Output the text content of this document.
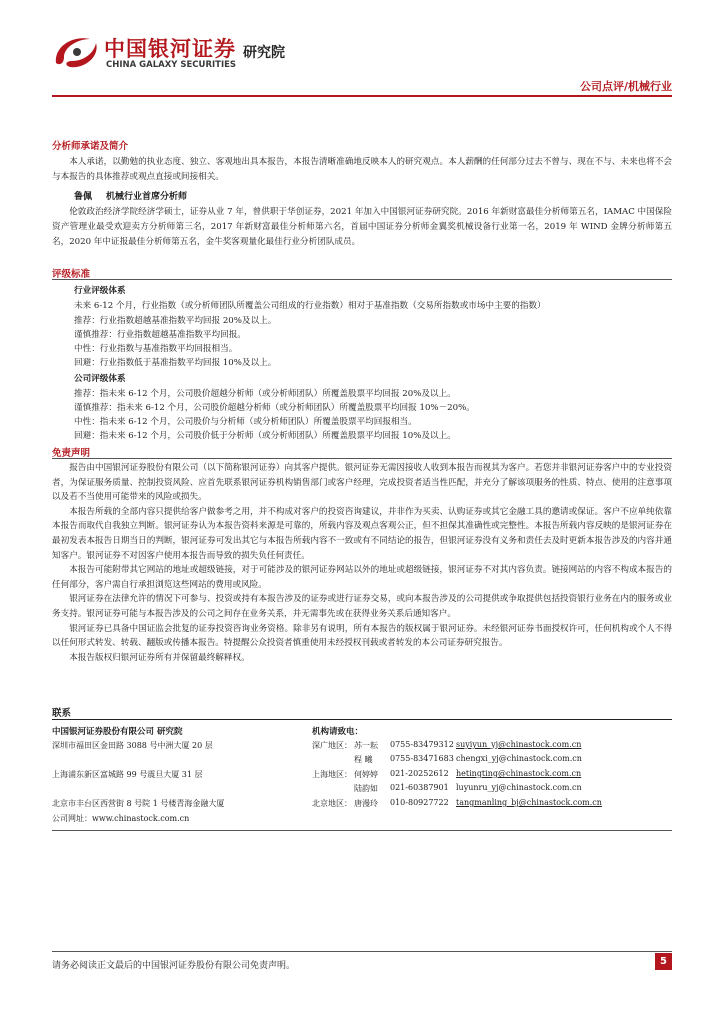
中国银河证券
CHINA GALAXY SECURITIES
研究院
公司点评/机械行业
分析师承诺及简介

本人承诺，以勤勉的执业态度、独立、客观地出具本报告，本报告清晰准确地反映本人的研究观点。本人薪酬的任何部分过去不曾与、现在不与、未来也将不会与本报告的具体推荐或观点直接或间接相关。

鲁佩 机械行业首席分析师

伦敦政治经济学院经济学硕士，证券从业 7 年，曾供职于华创证券，2021 年加入中国银河证券研究院。2016 年新财富最佳分析师第五名，IAMAC 中国保险资产管理业最受欢迎卖方分析师第三名，2017 年新财富最佳分析师第六名，首届中国证券分析师金翼奖机械设备行业第一名，2019 年 WIND 金牌分析师第五名，2020 年中证报最佳分析师第五名，金牛奖客观量化最佳行业分析团队成员。

评级标准
行业评级体系
未来 6-12 个月，行业指数（或分析师团队所覆盖公司组成的行业指数）相对于基准指数（交易所指数或市场中主要的指数）
推荐：行业指数超越基准指数平均回报 20%及以上。
谨慎推荐：行业指数超越基准指数平均回报。
中性：行业指数与基准指数平均回报相当。
回避：行业指数低于基准指数平均回报 10%及以上。
公司评级体系
推荐：指未来 6-12 个月，公司股价超越分析师（或分析师团队）所覆盖股票平均回报 20%及以上。
谨慎推荐：指未来 6-12 个月，公司股价超越分析师（或分析师团队）所覆盖股票平均回报 10%－20%。
中性：指未来 6-12 个月，公司股价与分析师（或分析师团队）所覆盖股票平均回报相当。
回避：指未来 6-12 个月，公司股价低于分析师（或分析师团队）所覆盖股票平均回报 10%及以上。
免责声明

报告由中国银河证券股份有限公司（以下简称银河证券）向其客户提供。银河证券无需因接收人收到本报告而视其为客户。若您并非银河证券客户中的专业投资者，为保证服务质量、控制投资风险、应首先联系银河证券机构销售部门或客户经理，完成投资者适当性匹配，并充分了解该项服务的性质、特点、使用的注意事项以及若不当使用可能带来的风险或损失。

本报告所载的全部内容只提供给客户做参考之用，并不构成对客户的投资咨询建议，并非作为买卖、认购证券或其它金融工具的邀请或保证。客户不应单纯依靠本报告而取代自我独立判断。银河证券认为本报告资料来源是可靠的，所载内容及观点客观公正，但不担保其准确性或完整性。本报告所载内容反映的是银河证券在最初发表本报告日期当日的判断，银河证券可发出其它与本报告所载内容不一致或有不同结论的报告，但银河证券没有义务和责任去及时更新本报告涉及的内容并通知客户。银河证券不对因客户使用本报告而导致的损失负任何责任。

本报告可能附带其它网站的地址或超级链接，对于可能涉及的银河证券网站以外的地址或超级链接，银河证券不对其内容负责。链接网站的内容不构成本报告的任何部分，客户需自行承担浏览这些网站的费用或风险。

银河证券在法律允许的情况下可参与、投资或持有本报告涉及的证券或进行证券交易，或向本报告涉及的公司提供或争取提供包括投资银行业务在内的服务或业务支持。银河证券可能与本报告涉及的公司之间存在业务关系，并无需事先或在获得业务关系后通知客户。

银河证券已具备中国证监会批复的证券投资咨询业务资格。除非另有说明，所有本报告的版权属于银河证券。未经银河证券书面授权许可，任何机构或个人不得以任何形式转发、转载、翻版或传播本报告。特提醒公众投资者慎重使用未经授权刊载或者转发的本公司证券研究报告。

本报告版权归银河证券所有并保留最终解释权。

联系
中国银河证券股份有限公司 研究院
深圳市福田区金田路 3088 号中洲大厦 20 层
上海浦东新区富城路 99 号震旦大厦 31 层
北京市丰台区西营街 8 号院 1 号楼青海金融大厦
公司网址：www.chinastock.com.cn
机构请致电：
深广地区： 苏一耘 0755-83479312 suyiyun_yj@chinastock.com.cn
程 曦 0755-83471683 chengxi_yj@chinastock.com.cn
上海地区： 何婷婷 021-20252612 hetingting@chinastock.com.cn
陆韵如 021-60387901 luyunru_yj@chinastock.com.cn
北京地区： 唐漫玲 010-80927722 tangmanling_bj@chinastock.com.cn
请务必阅读正文最后的中国银河证券股份有限公司免责声明。	5
